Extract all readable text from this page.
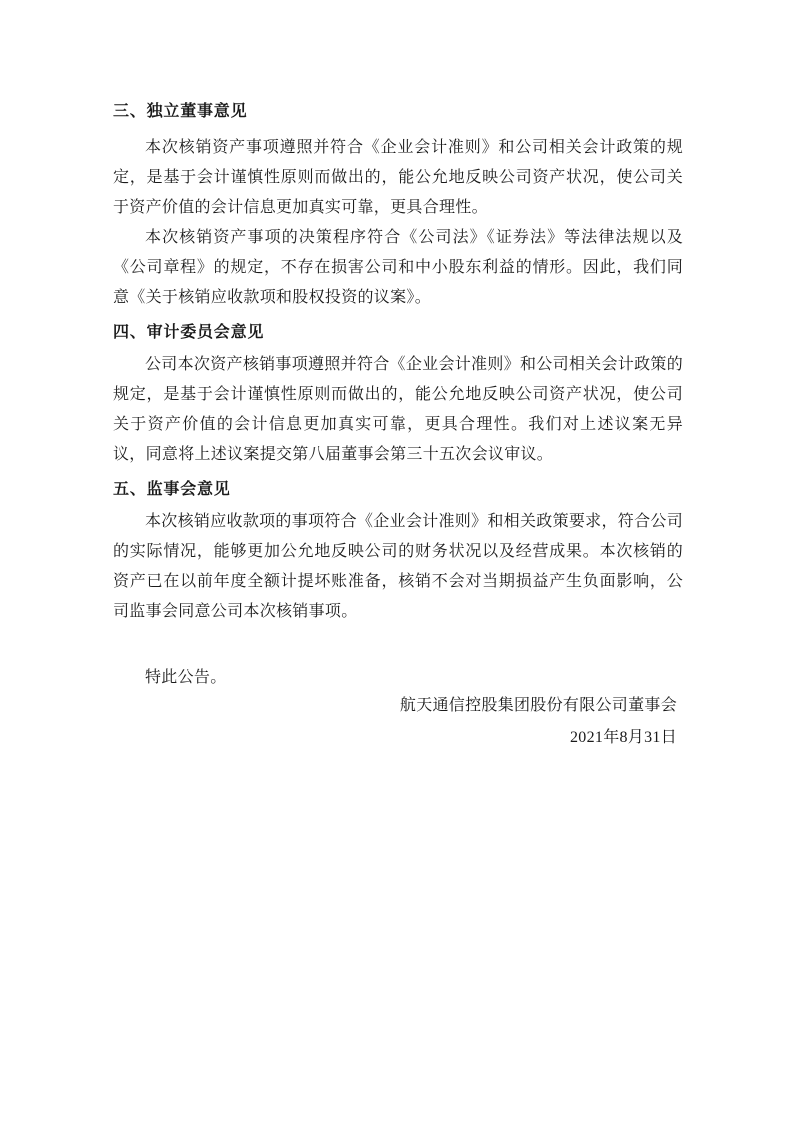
三、独立董事意见

本次核销资产事项遵照并符合《企业会计准则》和公司相关会计政策的规定，是基于会计谨慎性原则而做出的，能公允地反映公司资产状况，使公司关于资产价值的会计信息更加真实可靠，更具合理性。

本次核销资产事项的决策程序符合《公司法》《证券法》等法律法规以及《公司章程》的规定，不存在损害公司和中小股东利益的情形。因此，我们同意《关于核销应收款项和股权投资的议案》。

四、审计委员会意见

公司本次资产核销事项遵照并符合《企业会计准则》和公司相关会计政策的规定，是基于会计谨慎性原则而做出的，能公允地反映公司资产状况，使公司关于资产价值的会计信息更加真实可靠，更具合理性。我们对上述议案无异议，同意将上述议案提交第八届董事会第三十五次会议审议。

五、监事会意见

本次核销应收款项的事项符合《企业会计准则》和相关政策要求，符合公司的实际情况，能够更加公允地反映公司的财务状况以及经营成果。本次核销的资产已在以前年度全额计提坏账准备，核销不会对当期损益产生负面影响，公司监事会同意公司本次核销事项。

特此公告。

航天通信控股集团股份有限公司董事会

2021年8月31日
